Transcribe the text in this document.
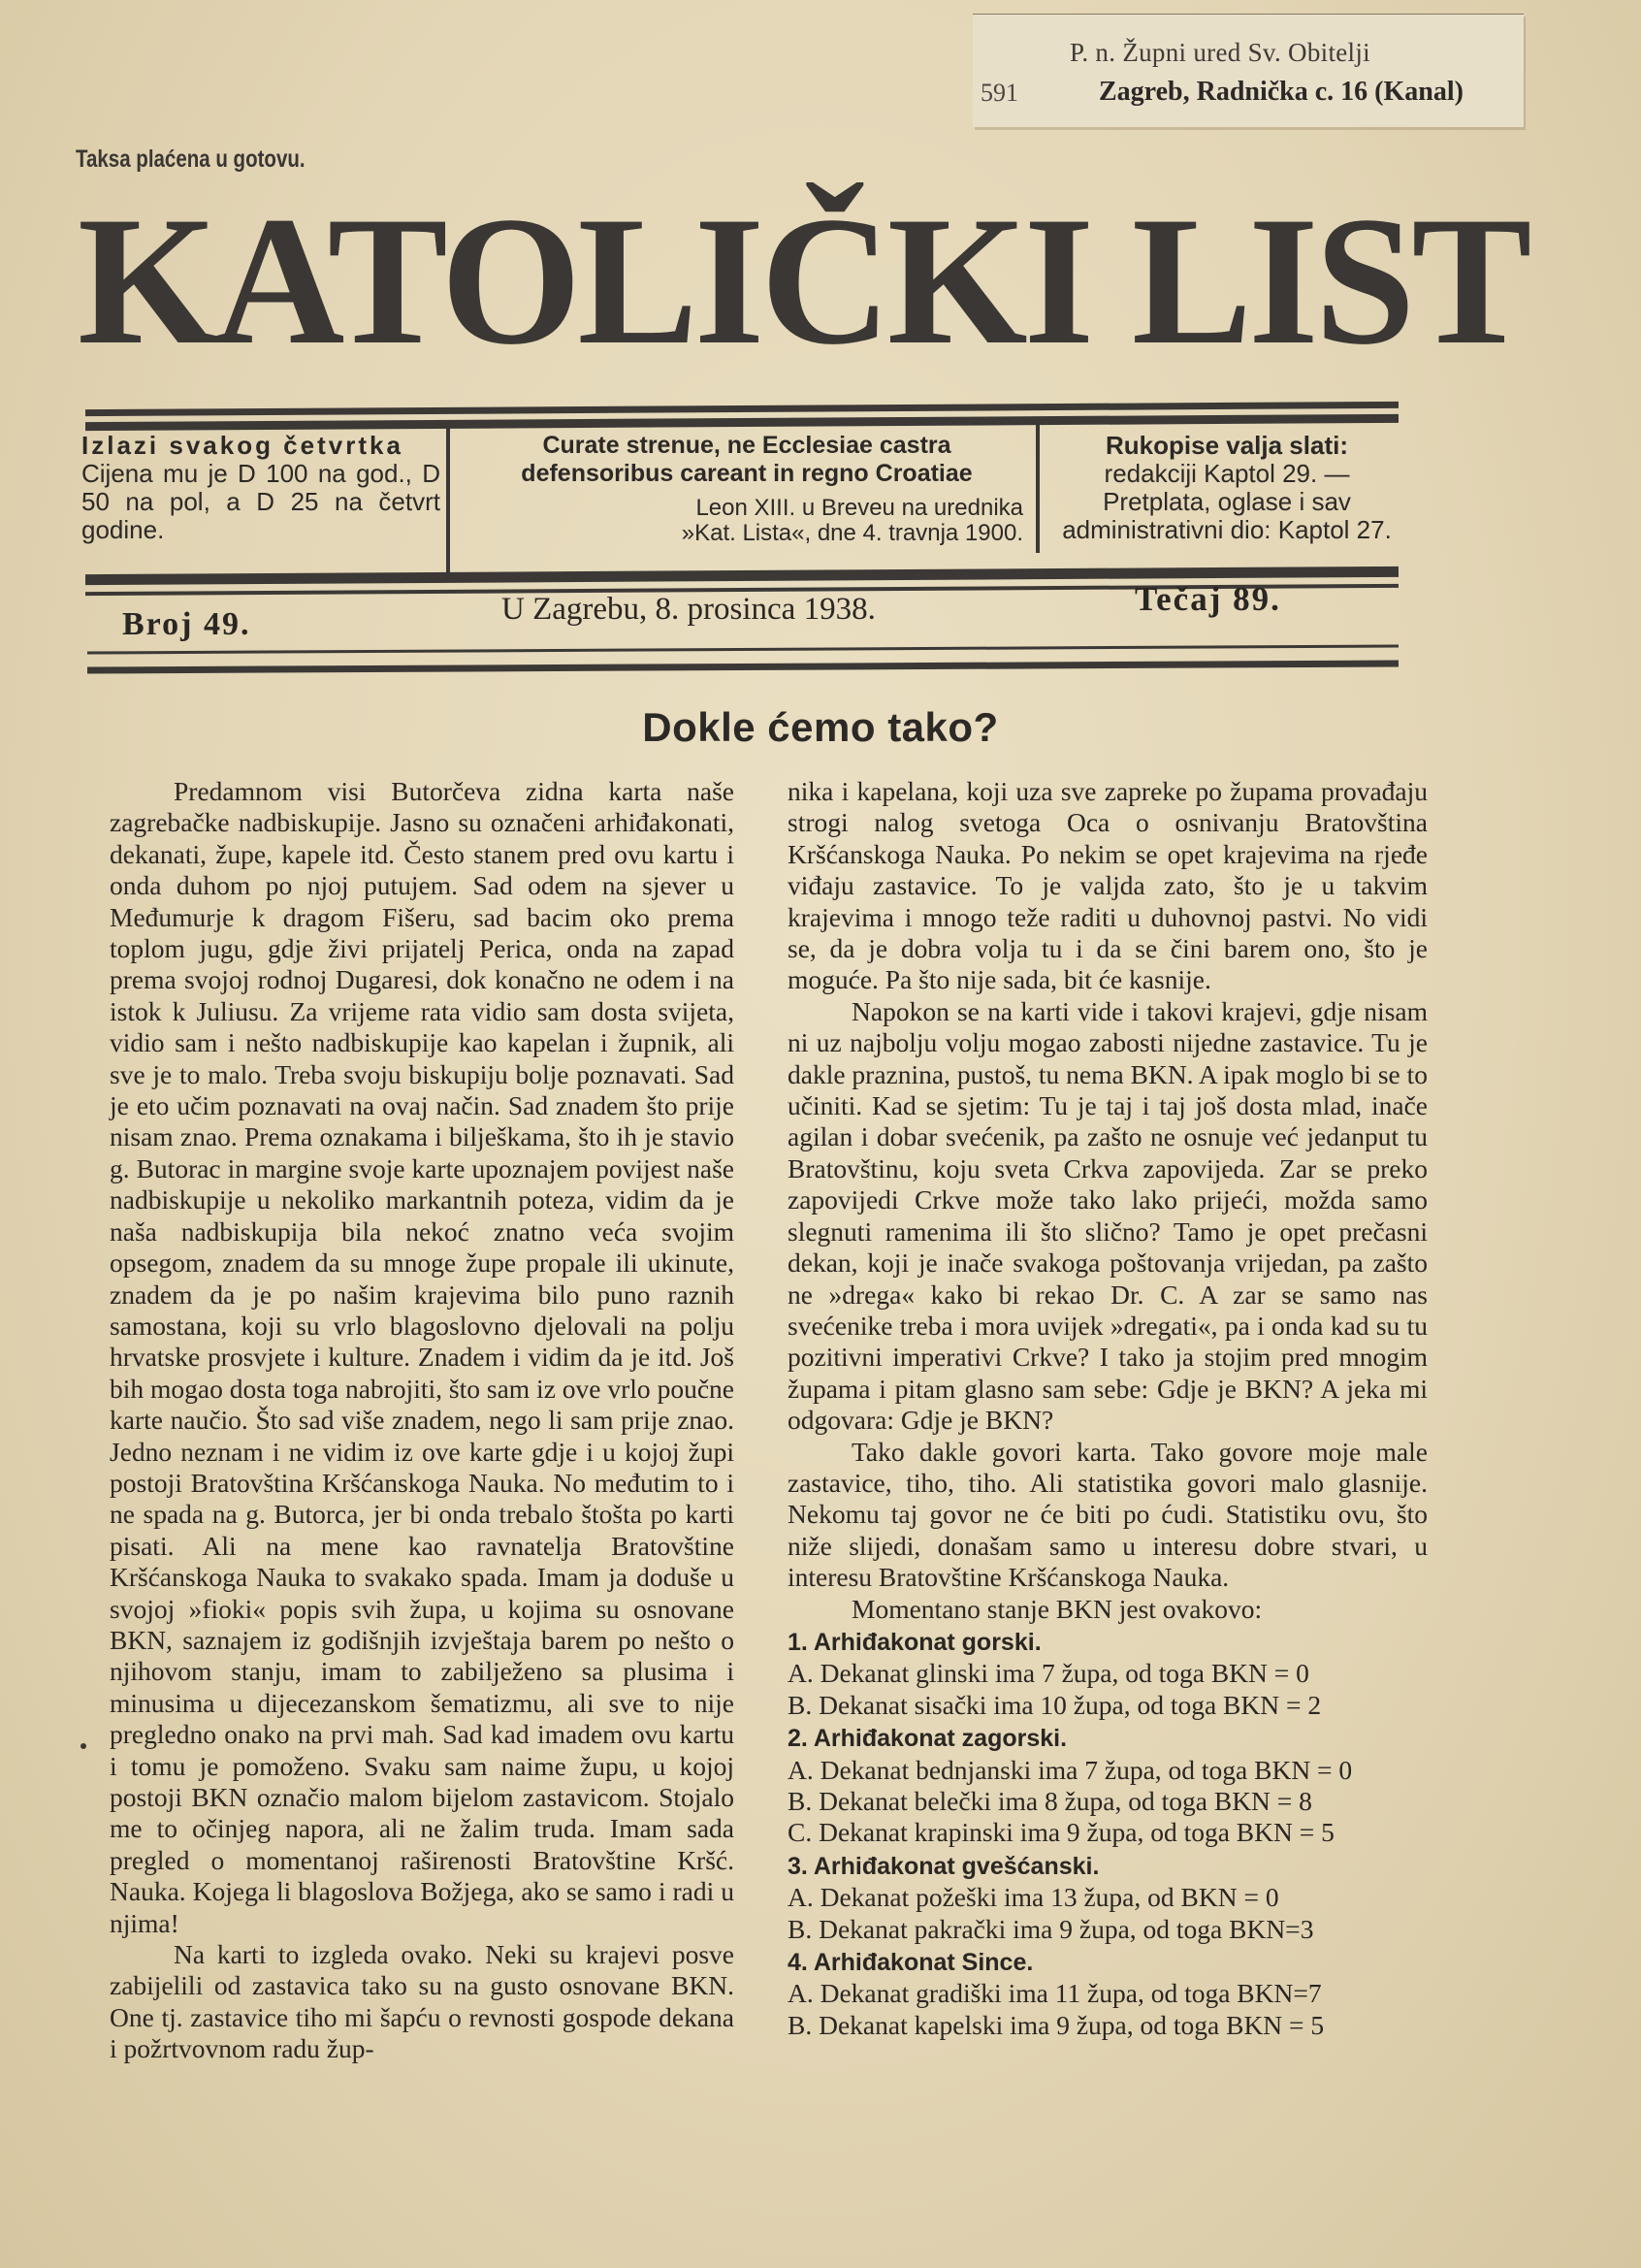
591
P. n. Župni ured Sv. Obitelji
Zagreb, Radnička c. 16 (Kanal)
Taksa plaćena u gotovu.
KATOLIČKI LIST
Izlazi svakog četvrtka
Cijena mu je D 100 na god., D 50 na pol, a D 25 na četvrt godine.
Curate strenue, ne Ecclesiae castra
defensoribus careant in regno Croatiae
Leon XIII. u Breveu na urednika
»Kat. Lista«, dne 4. travnja 1900.
Rukopise valja slati:
redakciji Kaptol 29. — Pretplata, oglase i sav administrativni dio: Kaptol 27.
Broj 49.	U Zagrebu, 8. prosinca 1938.	Tečaj 89.
Dokle ćemo tako?

Predamnom visi Butorčeva zidna karta naše zagrebačke nadbiskupije. Jasno su označeni arhiđakonati, dekanati, župe, kapele itd. Često stanem pred ovu kartu i onda duhom po njoj putujem. Sad odem na sjever u Međumurje k dragom Fišeru, sad bacim oko prema toplom jugu, gdje živi prijatelj Perica, onda na zapad prema svojoj rodnoj Dugaresi, dok konačno ne odem i na istok k Juliusu. Za vrijeme rata vidio sam dosta svijeta, vidio sam i nešto nadbiskupije kao kapelan i župnik, ali sve je to malo. Treba svoju biskupiju bolje poznavati. Sad je eto učim poznavati na ovaj način. Sad znadem što prije nisam znao. Prema oznakama i bilješkama, što ih je stavio g. Butorac in margine svoje karte upoznajem povijest naše nadbiskupije u nekoliko markantnih poteza, vidim da je naša nadbiskupija bila nekoć znatno veća svojim opsegom, znadem da su mnoge župe propale ili ukinute, znadem da je po našim krajevima bilo puno raznih samostana, koji su vrlo blagoslovno djelovali na polju hrvatske prosvjete i kulture. Znadem i vidim da je itd. Još bih mogao dosta toga nabrojiti, što sam iz ove vrlo poučne karte naučio. Što sad više znadem, nego li sam prije znao. Jedno neznam i ne vidim iz ove karte gdje i u kojoj župi postoji Bratovština Kršćanskoga Nauka. No međutim to i ne spada na g. Butorca, jer bi onda trebalo štošta po karti pisati. Ali na mene kao ravnatelja Bratovštine Kršćanskoga Nauka to svakako spada. Imam ja doduše u svojoj »fioki« popis svih župa, u kojima su osnovane BKN, saznajem iz godišnjih izvještaja barem po nešto o njihovom stanju, imam to zabilježeno sa plusima i minusima u dijecezanskom šematizmu, ali sve to nije pregledno onako na prvi mah. Sad kad imadem ovu kartu i tomu je pomoženo. Svaku sam naime župu, u kojoj postoji BKN označio malom bijelom zastavicom. Stojalo me to očinjeg napora, ali ne žalim truda. Imam sada pregled o momentanoj raširenosti Bratovštine Kršć. Nauka. Kojega li blagoslova Božjega, ako se samo i radi u njima!

Na karti to izgleda ovako. Neki su krajevi posve zabijelili od zastavica tako su na gusto osnovane BKN. One tj. zastavice tiho mi šapću o revnosti gospode dekana i požrtvovnom radu žup-

nika i kapelana, koji uza sve zapreke po župama provađaju strogi nalog svetoga Oca o osnivanju Bratovština Kršćanskoga Nauka. Po nekim se opet krajevima na rjeđe viđaju zastavice. To je valjda zato, što je u takvim krajevima i mnogo teže raditi u duhovnoj pastvi. No vidi se, da je dobra volja tu i da se čini barem ono, što je moguće. Pa što nije sada, bit će kasnije.

Napokon se na karti vide i takovi krajevi, gdje nisam ni uz najbolju volju mogao zabosti nijedne zastavice. Tu je dakle praznina, pustoš, tu nema BKN. A ipak moglo bi se to učiniti. Kad se sjetim: Tu je taj i taj još dosta mlad, inače agilan i dobar svećenik, pa zašto ne osnuje već jedanput tu Bratovštinu, koju sveta Crkva zapovijeda. Zar se preko zapovijedi Crkve može tako lako prijeći, možda samo slegnuti ramenima ili što slično? Tamo je opet prečasni dekan, koji je inače svakoga poštovanja vrijedan, pa zašto ne »drega« kako bi rekao Dr. C. A zar se samo nas svećenike treba i mora uvijek »dregati«, pa i onda kad su tu pozitivni imperativi Crkve? I tako ja stojim pred mnogim župama i pitam glasno sam sebe: Gdje je BKN? A jeka mi odgovara: Gdje je BKN?

Tako dakle govori karta. Tako govore moje male zastavice, tiho, tiho. Ali statistika govori malo glasnije. Nekomu taj govor ne će biti po ćudi. Statistiku ovu, što niže slijedi, donašam samo u interesu dobre stvari, u interesu Bratovštine Kršćanskoga Nauka.

Momentano stanje BKN jest ovakovo:

1. Arhiđakonat gorski.
A. Dekanat glinski ima 7 župa, od toga BKN = 0
B. Dekanat sisački ima 10 župa, od toga BKN = 2
2. Arhiđakonat zagorski.
A. Dekanat bednjanski ima 7 župa, od toga BKN = 0
B. Dekanat belečki ima 8 župa, od toga BKN = 8
C. Dekanat krapinski ima 9 župa, od toga BKN = 5
3. Arhiđakonat gvešćanski.
A. Dekanat požeški ima 13 župa, od BKN = 0
B. Dekanat pakrački ima 9 župa, od toga BKN=3
4. Arhiđakonat Since.
A. Dekanat gradiški ima 11 župa, od toga BKN=7
B. Dekanat kapelski ima 9 župa, od toga BKN = 5
